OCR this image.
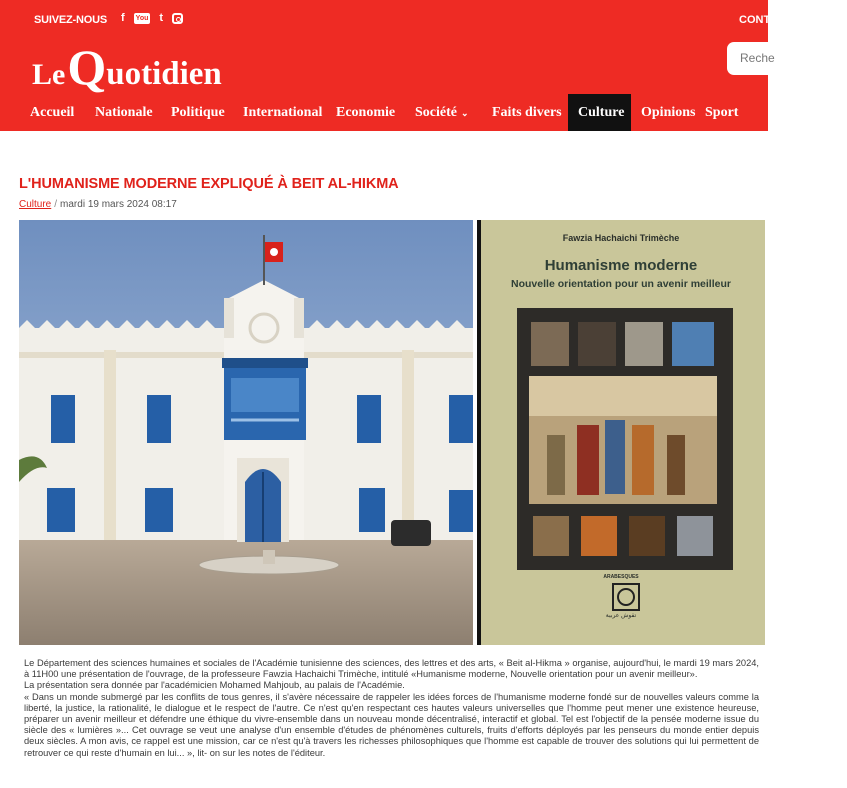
SUIVEZ-NOUS f You t	CONT
LeQuotidien	Reche
Accueil	Nationale	Politique	International Economie	Société ⌄	Faits divers	Culture	Opinions Sport
L'HUMANISME MODERNE EXPLIQUÉ À BEIT AL-HIKMA
Culture / mardi 19 mars 2024 08:17
Fawzia Hachaichi Trimèche
Humanisme moderne
Nouvelle orientation pour un avenir meilleur
ARABESQUES
تقوش عربية

Le Département des sciences humaines et sociales de l'Académie tunisienne des sciences, des lettres et des arts, « Beit al-Hikma » organise, aujourd'hui, le mardi 19 mars 2024, à 11H00 une présentation de l'ouvrage, de la professeure Fawzia Hachaichi Trimèche, intitulé «Humanisme moderne, Nouvelle orientation pour un avenir meilleur».

La présentation sera donnée par l'académicien Mohamed Mahjoub, au palais de l'Académie.

« Dans un monde submergé par les conflits de tous genres, il s'avère nécessaire de rappeler les idées forces de l'humanisme moderne fondé sur de nouvelles valeurs comme la liberté, la justice, la rationalité, le dialogue et le respect de l'autre. Ce n'est qu'en respectant ces hautes valeurs universelles que l'homme peut mener une existence heureuse, préparer un avenir meilleur et défendre une éthique du vivre-ensemble dans un nouveau monde décentralisé, interactif et global. Tel est l'objectif de la pensée moderne issue du siècle des « lumières »... Cet ouvrage se veut une analyse d'un ensemble d'études de phénomènes culturels, fruits d'efforts déployés par les penseurs du monde entier depuis deux siècles. A mon avis, ce rappel est une mission, car ce n'est qu'à travers les richesses philosophiques que l'homme est capable de trouver des solutions qui lui permettent de retrouver ce qui reste d'humain en lui... », lit- on sur les notes de l'éditeur.
